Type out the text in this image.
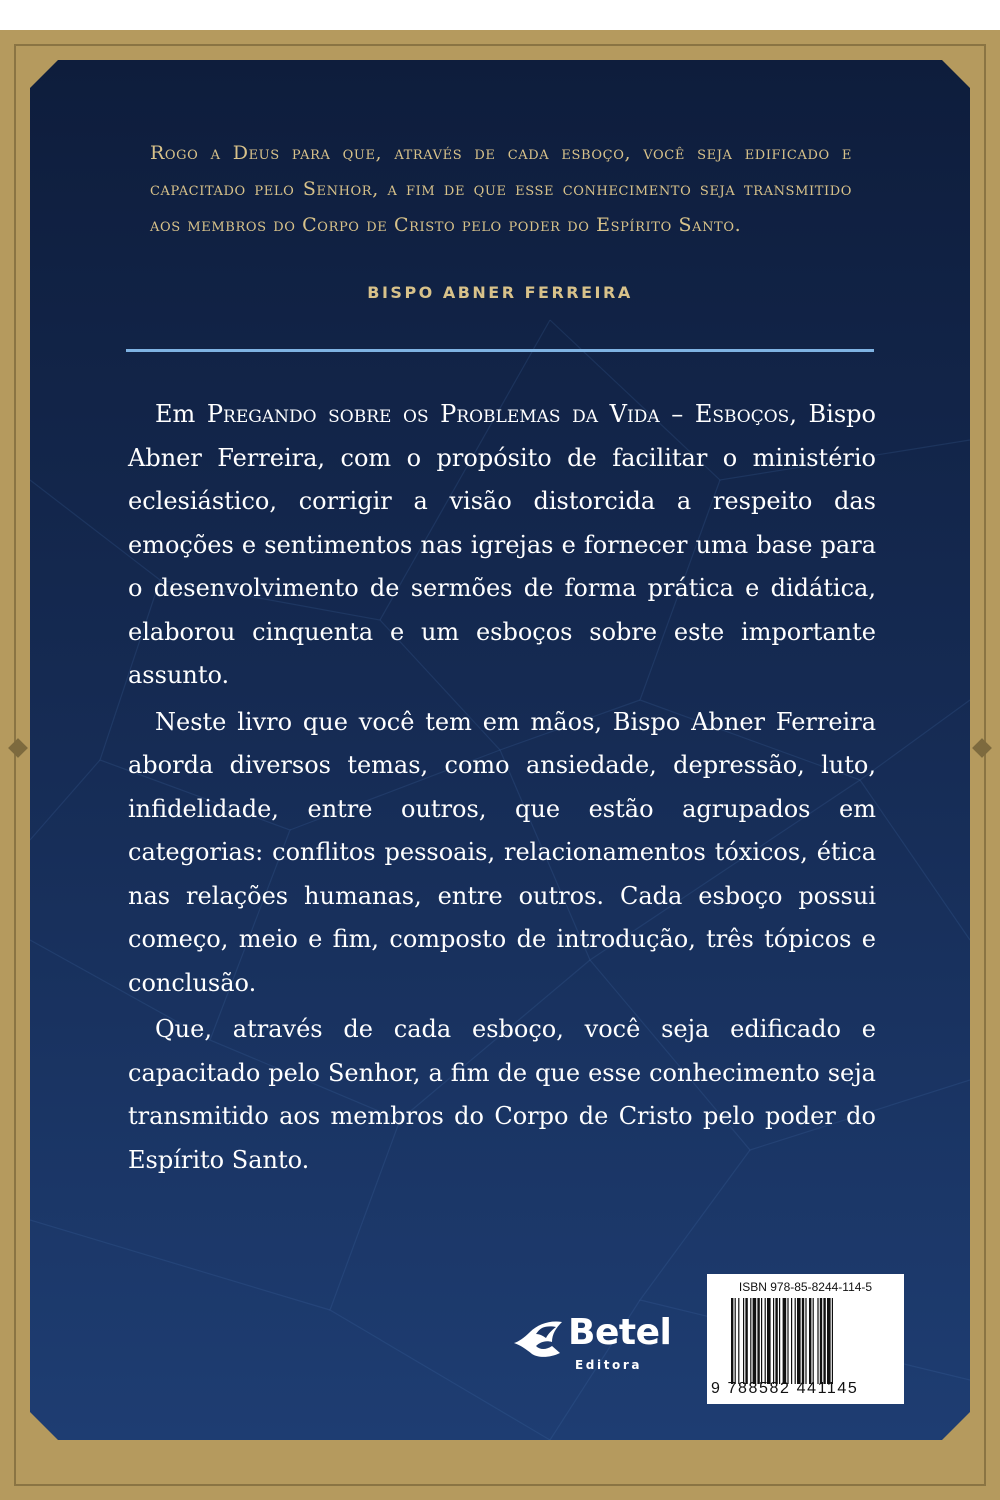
Rogo a Deus para que, através de cada esboço, você seja edificado e capacitado pelo Senhor, a fim de que esse conhecimento seja transmitido aos membros do Corpo de Cristo pelo poder do Espírito Santo.

BISPO ABNER FERREIRA

Em Pregando sobre os Problemas da Vida – Esboços, Bispo Abner Ferreira, com o propósito de facilitar o ministério eclesiástico, corrigir a visão distorcida a respeito das emoções e sentimentos nas igrejas e fornecer uma base para o desenvolvimento de sermões de forma prática e didática, elaborou cinquenta e um esboços sobre este importante assunto.

Neste livro que você tem em mãos, Bispo Abner Ferreira aborda diversos temas, como ansiedade, depressão, luto, infidelidade, entre outros, que estão agrupados em categorias: conflitos pessoais, relacionamentos tóxicos, ética nas relações humanas, entre outros. Cada esboço possui começo, meio e fim, composto de introdução, três tópicos e conclusão.

Que, através de cada esboço, você seja edificado e capacitado pelo Senhor, a fim de que esse conhecimento seja transmitido aos membros do Corpo de Cristo pelo poder do Espírito Santo.

Betel
Editora
ISBN 978-85-8244-114-5
9 788582 441145
